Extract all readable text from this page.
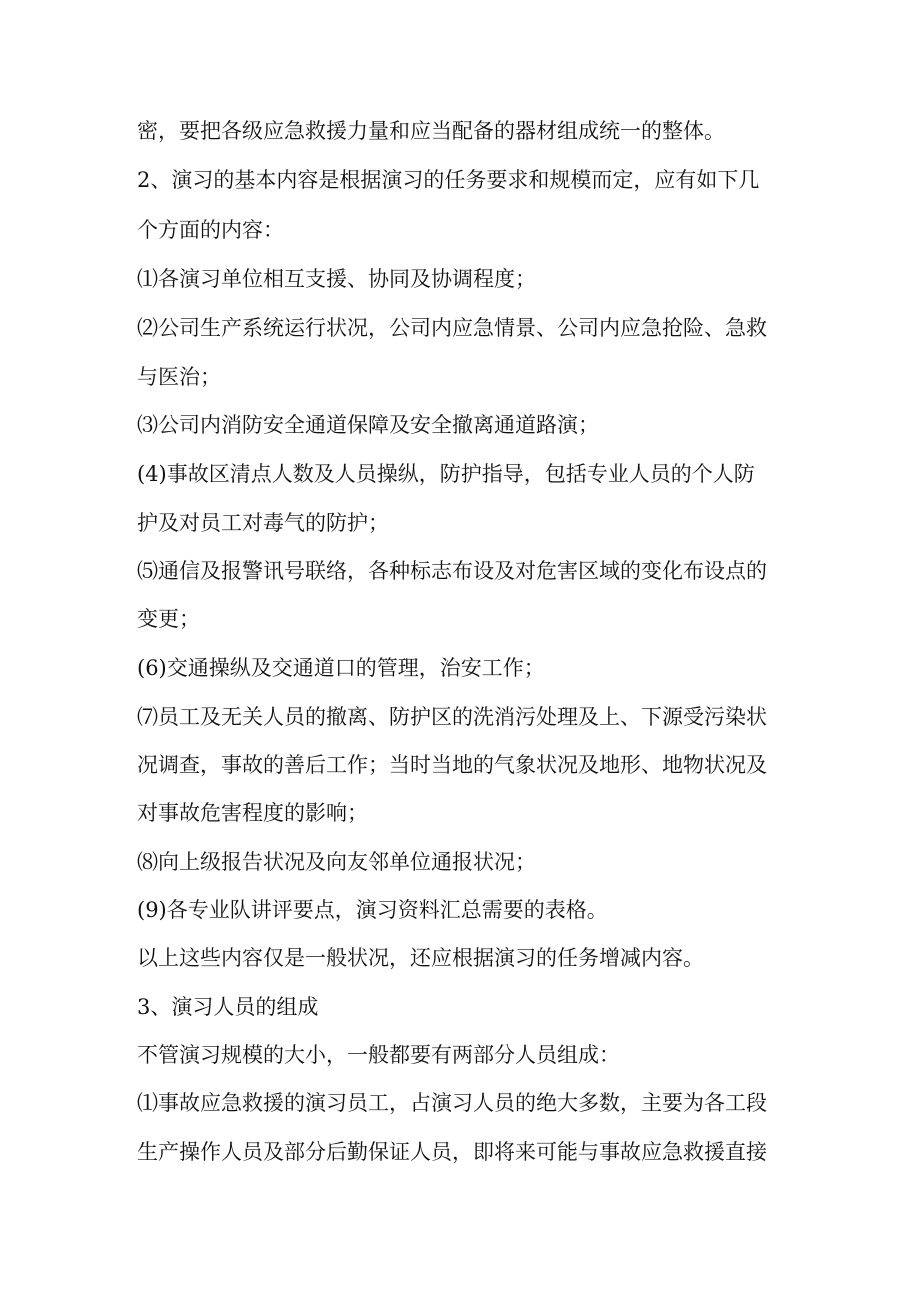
密，要把各级应急救援力量和应当配备的器材组成统一的整体。
2、演习的基本内容是根据演习的任务要求和规模而定，应有如下几
个方面的内容：
⑴各演习单位相互支援、协同及协调程度；
⑵公司生产系统运行状况，公司内应急情景、公司内应急抢险、急救
与医治；
⑶公司内消防安全通道保障及安全撤离通道路演；
(4)事故区清点人数及人员操纵，防护指导，包括专业人员的个人防
护及对员工对毒气的防护；
⑸通信及报警讯号联络，各种标志布设及对危害区域的变化布设点的
变更；
(6)交通操纵及交通道口的管理，治安工作；
⑺员工及无关人员的撤离、防护区的洗消污处理及上、下源受污染状
况调查，事故的善后工作；当时当地的气象状况及地形、地物状况及
对事故危害程度的影响；
⑻向上级报告状况及向友邻单位通报状况；
(9)各专业队讲评要点，演习资料汇总需要的表格。
以上这些内容仅是一般状况，还应根据演习的任务增减内容。
3、演习人员的组成
不管演习规模的大小，一般都要有两部分人员组成：
⑴事故应急救援的演习员工，占演习人员的绝大多数，主要为各工段
生产操作人员及部分后勤保证人员，即将来可能与事故应急救援直接
